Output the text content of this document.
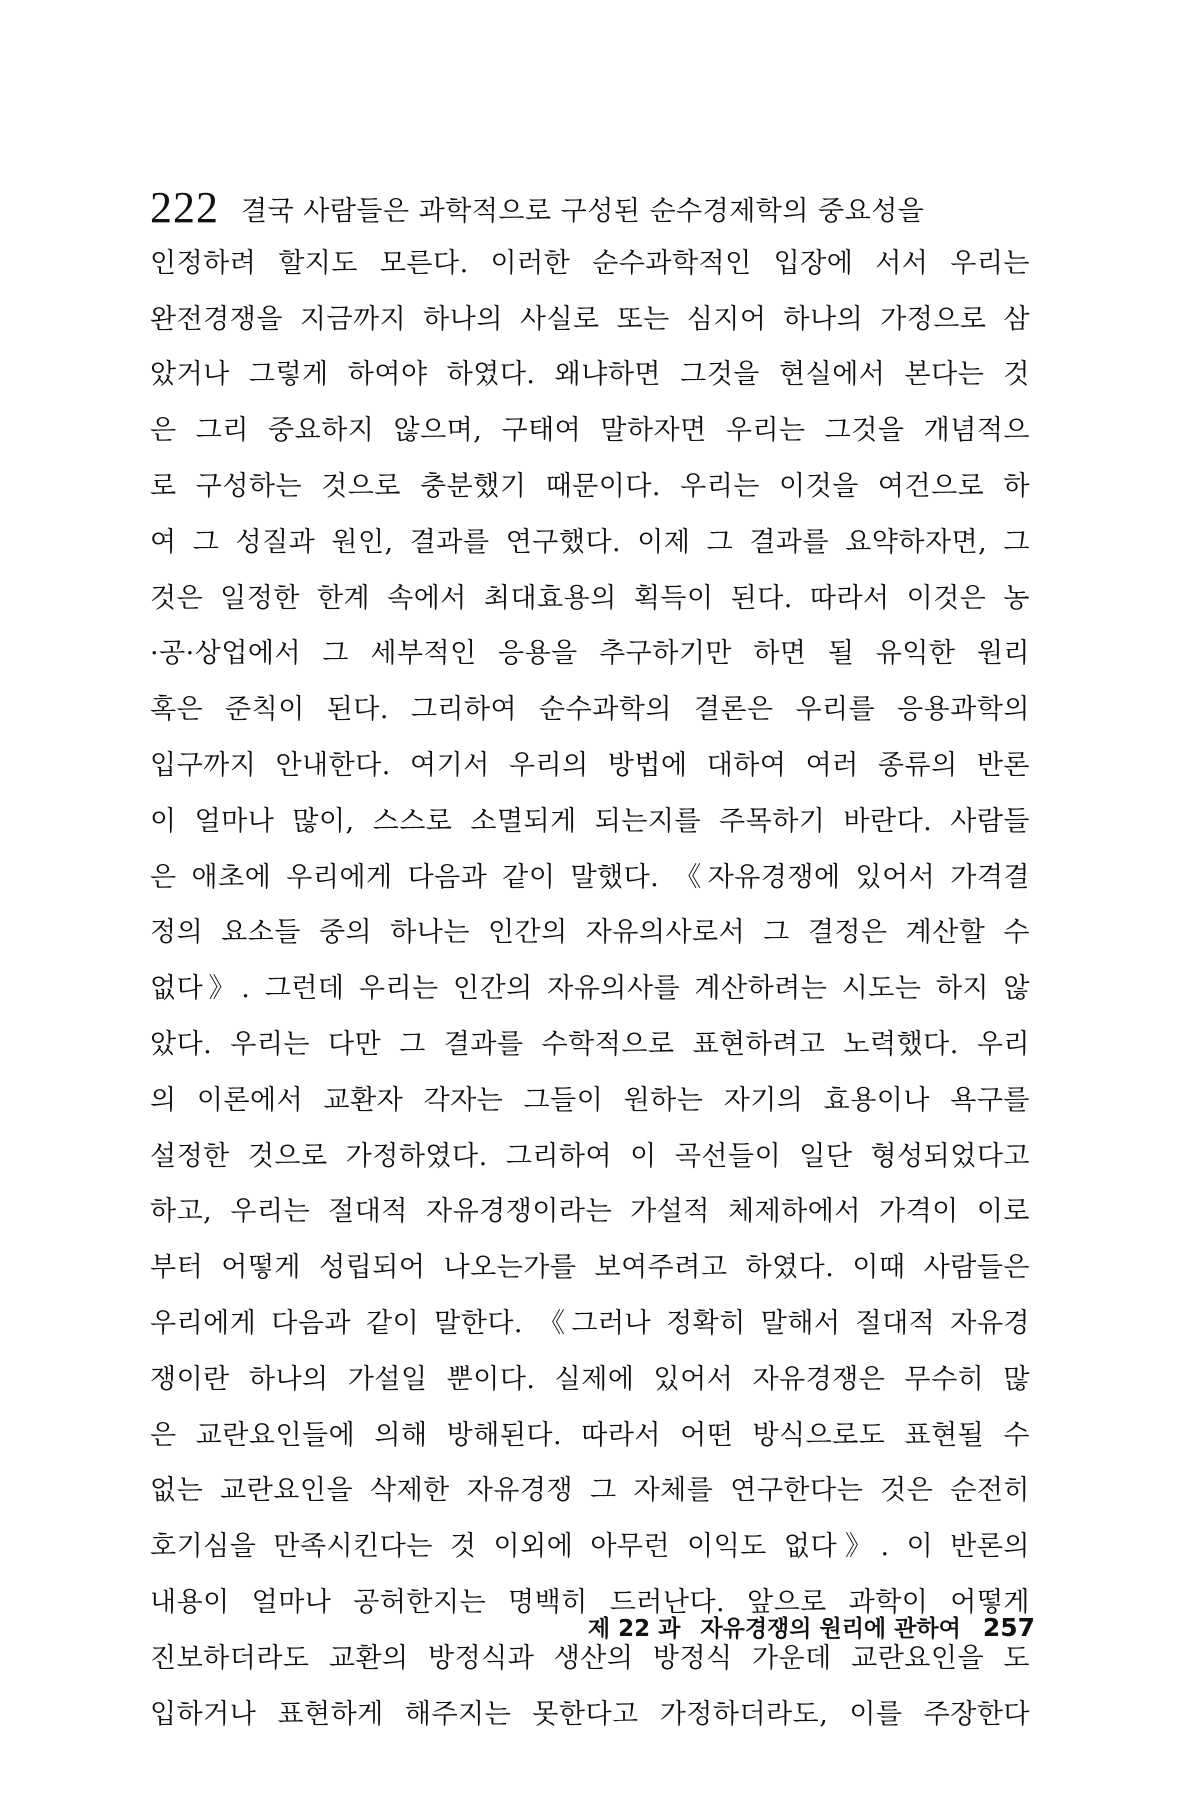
222 결국 사람들은 과학적으로 구성된 순수경제학의 중요성을
인정하려 할지도 모른다. 이러한 순수과학적인 입장에 서서 우리는
완전경쟁을 지금까지 하나의 사실로 또는 심지어 하나의 가정으로 삼
았거나 그렇게 하여야 하였다. 왜냐하면 그것을 현실에서 본다는 것
은 그리 중요하지 않으며, 구태여 말하자면 우리는 그것을 개념적으
로 구성하는 것으로 충분했기 때문이다. 우리는 이것을 여건으로 하
여 그 성질과 원인, 결과를 연구했다. 이제 그 결과를 요약하자면, 그
것은 일정한 한계 속에서 최대효용의 획득이 된다. 따라서 이것은 농
·공·상업에서 그 세부적인 응용을 추구하기만 하면 될 유익한 원리
혹은 준칙이 된다. 그리하여 순수과학의 결론은 우리를 응용과학의
입구까지 안내한다. 여기서 우리의 방법에 대하여 여러 종류의 반론
이 얼마나 많이, 스스로 소멸되게 되는지를 주목하기 바란다. 사람들
은 애초에 우리에게 다음과 같이 말했다. 《자유경쟁에 있어서 가격결
정의 요소들 중의 하나는 인간의 자유의사로서 그 결정은 계산할 수
없다》. 그런데 우리는 인간의 자유의사를 계산하려는 시도는 하지 않
았다. 우리는 다만 그 결과를 수학적으로 표현하려고 노력했다. 우리
의 이론에서 교환자 각자는 그들이 원하는 자기의 효용이나 욕구를
설정한 것으로 가정하였다. 그리하여 이 곡선들이 일단 형성되었다고
하고, 우리는 절대적 자유경쟁이라는 가설적 체제하에서 가격이 이로
부터 어떻게 성립되어 나오는가를 보여주려고 하였다. 이때 사람들은
우리에게 다음과 같이 말한다. 《그러나 정확히 말해서 절대적 자유경
쟁이란 하나의 가설일 뿐이다. 실제에 있어서 자유경쟁은 무수히 많
은 교란요인들에 의해 방해된다. 따라서 어떤 방식으로도 표현될 수
없는 교란요인을 삭제한 자유경쟁 그 자체를 연구한다는 것은 순전히
호기심을 만족시킨다는 것 이외에 아무런 이익도 없다》. 이 반론의
내용이 얼마나 공허한지는 명백히 드러난다. 앞으로 과학이 어떻게
진보하더라도 교환의 방정식과 생산의 방정식 가운데 교란요인을 도
입하거나 표현하게 해주지는 못한다고 가정하더라도, 이를 주장한다
제 22 과 자유경쟁의 원리에 관하여 257
